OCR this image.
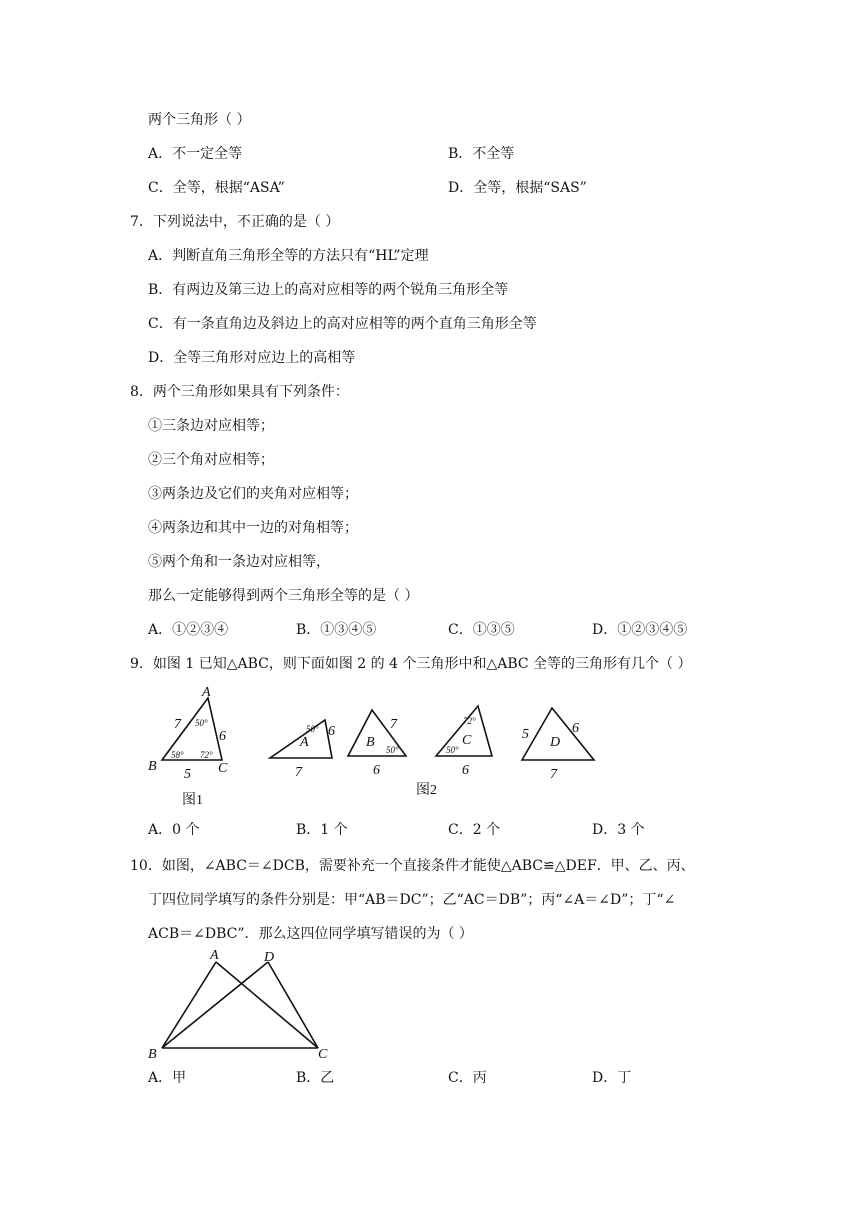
两个三角形（ ）
A．不一定全等	B．不全等
C．全等，根据“ASA”	D．全等，根据“SAS”
7．下列说法中，不正确的是（ ）
A．判断直角三角形全等的方法只有“HL”定理
B．有两边及第三边上的高对应相等的两个锐角三角形全等
C．有一条直角边及斜边上的高对应相等的两个直角三角形全等
D．全等三角形对应边上的高相等
8．两个三角形如果具有下列条件：
①三条边对应相等；
②三个角对应相等；
③两条边及它们的夹角对应相等；
④两条边和其中一边的对角相等；
⑤两个角和一条边对应相等，
那么一定能够得到两个三角形全等的是（ ）
A．①②③④	B．①③④⑤	C．①③⑤	D．①②③④⑤
9．如图 1 已知△ABC，则下面如图 2 的 4 个三角形中和△ABC 全等的三角形有几个（ ）
A
B	C
7
6
5
50°
58° 72°
图1
A
50° 6
7
B 50°
7
6
C
72°
50°
6
D
5	6
7
图2
A．0 个	B．1 个	C．2 个	D．3 个
10．如图，∠ABC＝∠DCB，需要补充一个直接条件才能使△ABC≌△DEF．甲、乙、丙、
丁四位同学填写的条件分别是：甲“AB＝DC”；乙“AC＝DB”；丙“∠A＝∠D”；丁“∠
ACB＝∠DBC”．那么这四位同学填写错误的为（ ）
A	D
B	C
A．甲	B．乙	C．丙	D．丁
